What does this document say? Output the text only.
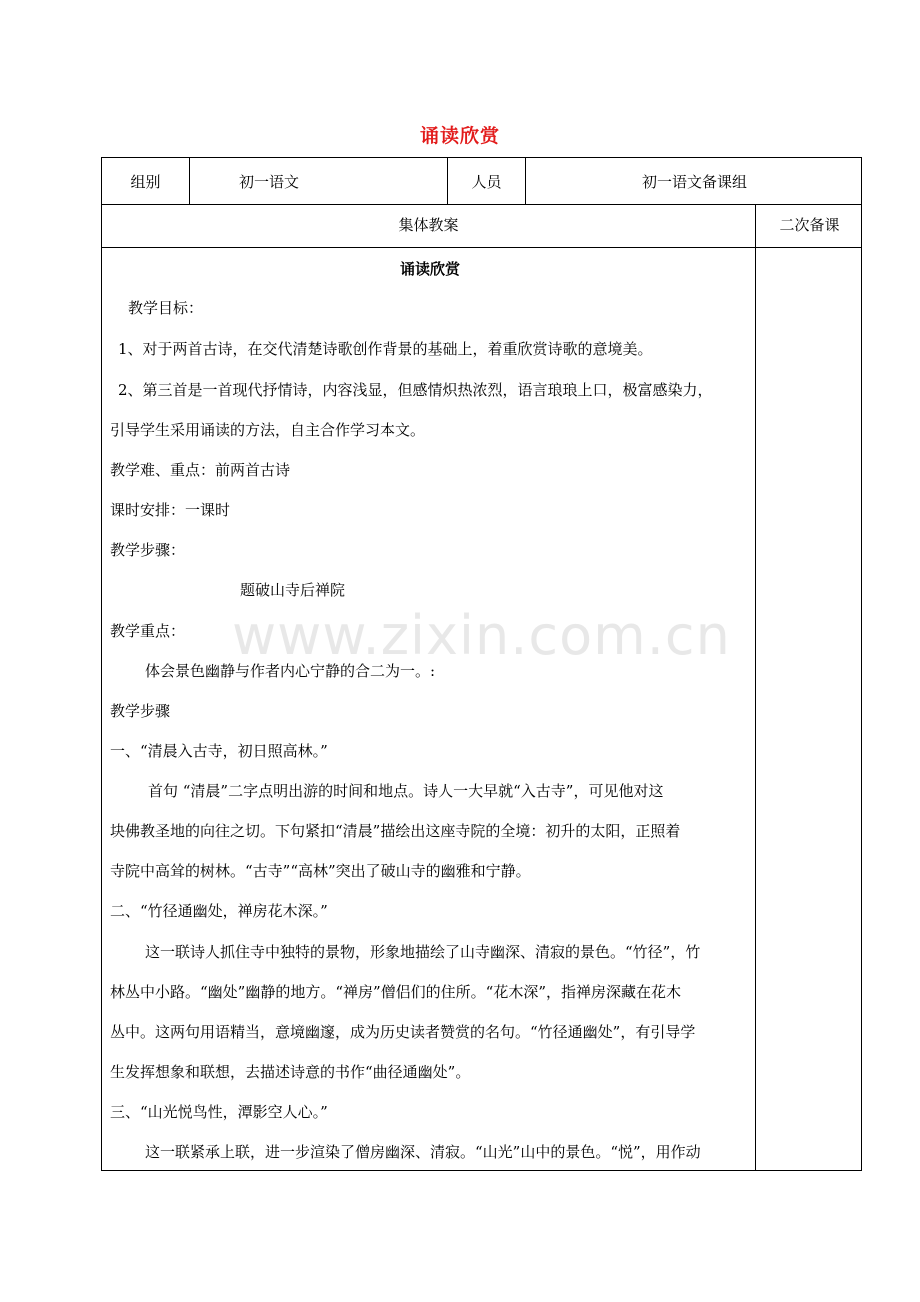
诵读欣赏
组别	初一语文	人员	初一语文备课组
集体教案	二次备课
诵读欣赏
教学目标：
1、对于两首古诗，在交代清楚诗歌创作背景的基础上，着重欣赏诗歌的意境美。
2、第三首是一首现代抒情诗，内容浅显，但感情炽热浓烈，语言琅琅上口，极富感染力，
引导学生采用诵读的方法，自主合作学习本文。
教学难、重点：前两首古诗
课时安排：一课时
教学步骤：
题破山寺后禅院
教学重点：
体会景色幽静与作者内心宁静的合二为一。:
教学步骤
一、“清晨入古寺，初日照高林。”
首句 “清晨”二字点明出游的时间和地点。诗人一大早就“入古寺”，可见他对这
块佛教圣地的向往之切。下句紧扣“清晨”描绘出这座寺院的全境：初升的太阳，正照着
寺院中高耸的树林。“古寺”“高林”突出了破山寺的幽雅和宁静。
二、“竹径通幽处，禅房花木深。”
这一联诗人抓住寺中独特的景物，形象地描绘了山寺幽深、清寂的景色。“竹径”，竹
林丛中小路。“幽处”幽静的地方。“禅房”僧侣们的住所。“花木深”，指禅房深藏在花木
丛中。这两句用语精当，意境幽邃，成为历史读者赞赏的名句。“竹径通幽处”，有引导学
生发挥想象和联想，去描述诗意的书作“曲径通幽处”。
三、“山光悦鸟性，潭影空人心。”
这一联紧承上联，进一步渲染了僧房幽深、清寂。“山光”山中的景色。“悦”，用作动
www.zixin.com.cn
